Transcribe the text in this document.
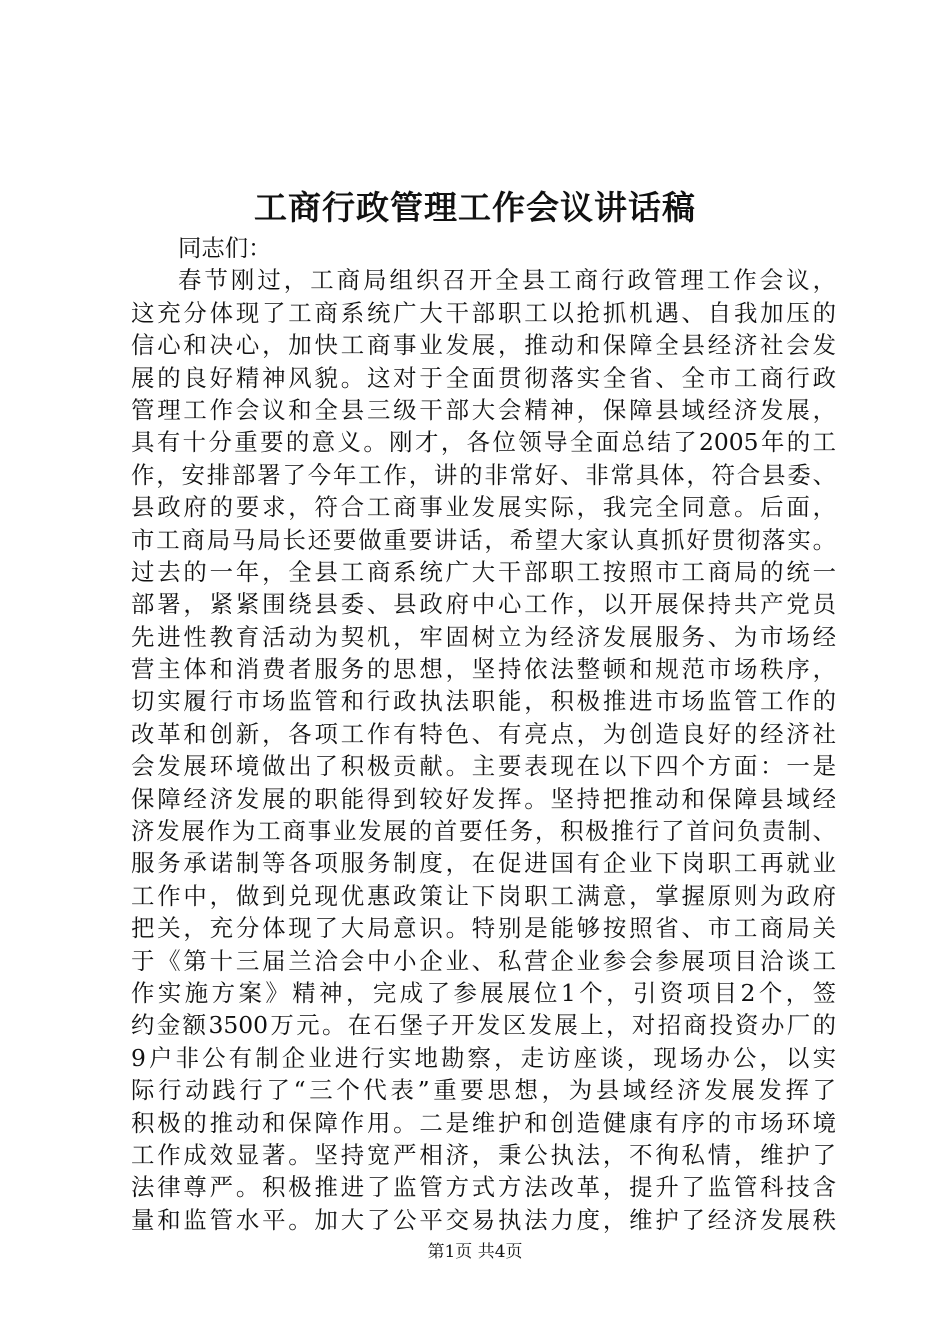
工商行政管理工作会议讲话稿
同志们：
春节刚过，工商局组织召开全县工商行政管理工作会议，
这充分体现了工商系统广大干部职工以抢抓机遇、自我加压的
信心和决心，加快工商事业发展，推动和保障全县经济社会发
展的良好精神风貌。这对于全面贯彻落实全省、全市工商行政
管理工作会议和全县三级干部大会精神，保障县域经济发展，
具有十分重要的意义。刚才，各位领导全面总结了2005年的工
作，安排部署了今年工作，讲的非常好、非常具体，符合县委、
县政府的要求，符合工商事业发展实际，我完全同意。后面，
市工商局马局长还要做重要讲话，希望大家认真抓好贯彻落实。
过去的一年，全县工商系统广大干部职工按照市工商局的统一
部署，紧紧围绕县委、县政府中心工作，以开展保持共产党员
先进性教育活动为契机，牢固树立为经济发展服务、为市场经
营主体和消费者服务的思想，坚持依法整顿和规范市场秩序，
切实履行市场监管和行政执法职能，积极推进市场监管工作的
改革和创新，各项工作有特色、有亮点，为创造良好的经济社
会发展环境做出了积极贡献。主要表现在以下四个方面：一是
保障经济发展的职能得到较好发挥。坚持把推动和保障县域经
济发展作为工商事业发展的首要任务，积极推行了首问负责制、
服务承诺制等各项服务制度，在促进国有企业下岗职工再就业
工作中，做到兑现优惠政策让下岗职工满意，掌握原则为政府
把关，充分体现了大局意识。特别是能够按照省、市工商局关
于《第十三届兰洽会中小企业、私营企业参会参展项目洽谈工
作实施方案》精神，完成了参展展位1个，引资项目2个，签
约金额3500万元。在石堡子开发区发展上，对招商投资办厂的
9户非公有制企业进行实地勘察，走访座谈，现场办公，以实
际行动践行了“三个代表”重要思想，为县域经济发展发挥了
积极的推动和保障作用。二是维护和创造健康有序的市场环境
工作成效显著。坚持宽严相济，秉公执法，不徇私情，维护了
法律尊严。积极推进了监管方式方法改革，提升了监管科技含
量和监管水平。加大了公平交易执法力度，维护了经济发展秩
第1页 共4页
